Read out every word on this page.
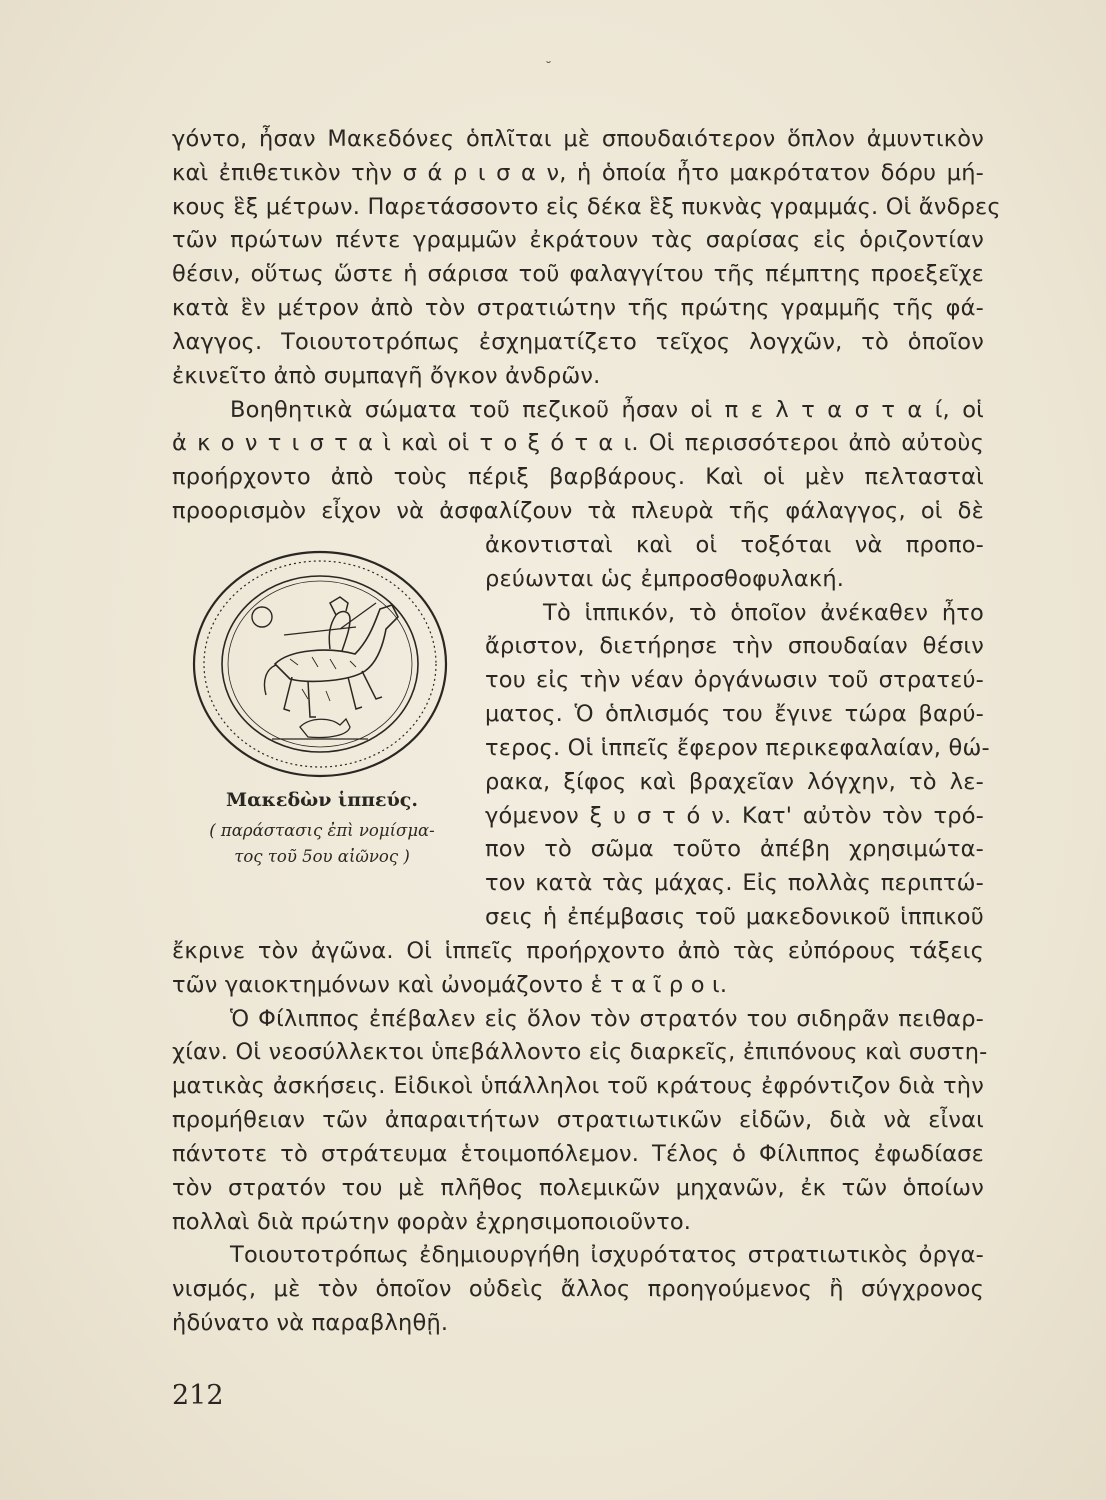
˘
γόντο, ἦσαν Μακεδόνες ὁπλῖται μὲ σπουδαιότερον ὅπλον ἀμυντικὸν
καὶ ἐπιθετικὸν τὴν σ ά ρ ι σ α ν, ἡ ὁποία ἦτο μακρότατον δόρυ μή-
κους ἓξ μέτρων. Παρετάσσοντο εἰς δέκα ἓξ πυκνὰς γραμμάς. Οἱ ἄνδρες
τῶν πρώτων πέντε γραμμῶν ἐκράτουν τὰς σαρίσας εἰς ὁριζοντίαν
θέσιν, οὕτως ὥστε ἡ σάρισα τοῦ φαλαγγίτου τῆς πέμπτης προεξεῖχε
κατὰ ἓν μέτρον ἀπὸ τὸν στρατιώτην τῆς πρώτης γραμμῆς τῆς φά-
λαγγος. Τοιουτοτρόπως ἐσχηματίζετο τεῖχος λογχῶν, τὸ ὁποῖον
ἐκινεῖτο ἀπὸ συμπαγῆ ὄγκον ἀνδρῶν.
Βοηθητικὰ σώματα τοῦ πεζικοῦ ἦσαν οἱ π ε λ τ α σ τ α ί, οἱ
ἀ κ ο ν τ ι σ τ α ὶ καὶ οἱ τ ο ξ ό τ α ι. Οἱ περισσότεροι ἀπὸ αὐτοὺς
προήρχοντο ἀπὸ τοὺς πέριξ βαρβάρους. Καὶ οἱ μὲν πελτασταὶ
προορισμὸν εἶχον νὰ ἀσφαλίζουν τὰ πλευρὰ τῆς φάλαγγος, οἱ δὲ
ἀκοντισταὶ καὶ οἱ τοξόται νὰ προπο-
ρεύωνται ὡς ἐμπροσθοφυλακή.
Τὸ ἱππικόν, τὸ ὁποῖον ἀνέκαθεν ἦτο
ἄριστον, διετήρησε τὴν σπουδαίαν θέσιν
του εἰς τὴν νέαν ὀργάνωσιν τοῦ στρατεύ-
ματος. Ὁ ὁπλισμός του ἔγινε τώρα βαρύ-
τερος. Οἱ ἱππεῖς ἔφερον περικεφαλαίαν, θώ-
ρακα, ξίφος καὶ βραχεῖαν λόγχην, τὸ λε-
γόμενον ξ υ σ τ ό ν. Κατ' αὐτὸν τὸν τρό-
πον τὸ σῶμα τοῦτο ἀπέβη χρησιμώτα-
τον κατὰ τὰς μάχας. Εἰς πολλὰς περιπτώ-
σεις ἡ ἐπέμβασις τοῦ μακεδονικοῦ ἱππικοῦ
Μακεδὼν ἱππεύς.
( παράστασις ἐπὶ νομίσμα-
τος τοῦ 5ου αἰῶνος )
ἔκρινε τὸν ἀγῶνα. Οἱ ἱππεῖς προήρχοντο ἀπὸ τὰς εὐπόρους τάξεις
τῶν γαιοκτημόνων καὶ ὠνομάζοντο ἑ τ α ῖ ρ ο ι.
Ὁ Φίλιππος ἐπέβαλεν εἰς ὅλον τὸν στρατόν του σιδηρᾶν πειθαρ-
χίαν. Οἱ νεοσύλλεκτοι ὑπεβάλλοντο εἰς διαρκεῖς, ἐπιπόνους καὶ συστη-
ματικὰς ἀσκήσεις. Εἰδικοὶ ὑπάλληλοι τοῦ κράτους ἐφρόντιζον διὰ τὴν
προμήθειαν τῶν ἀπαραιτήτων στρατιωτικῶν εἰδῶν, διὰ νὰ εἶναι
πάντοτε τὸ στράτευμα ἑτοιμοπόλεμον. Τέλος ὁ Φίλιππος ἐφωδίασε
τὸν στρατόν του μὲ πλῆθος πολεμικῶν μηχανῶν, ἐκ τῶν ὁποίων
πολλαὶ διὰ πρώτην φορὰν ἐχρησιμοποιοῦντο.
Τοιουτοτρόπως ἐδημιουργήθη ἰσχυρότατος στρατιωτικὸς ὀργα-
νισμός, μὲ τὸν ὁποῖον οὐδεὶς ἄλλος προηγούμενος ἢ σύγχρονος
ἠδύνατο νὰ παραβληθῇ.
212
